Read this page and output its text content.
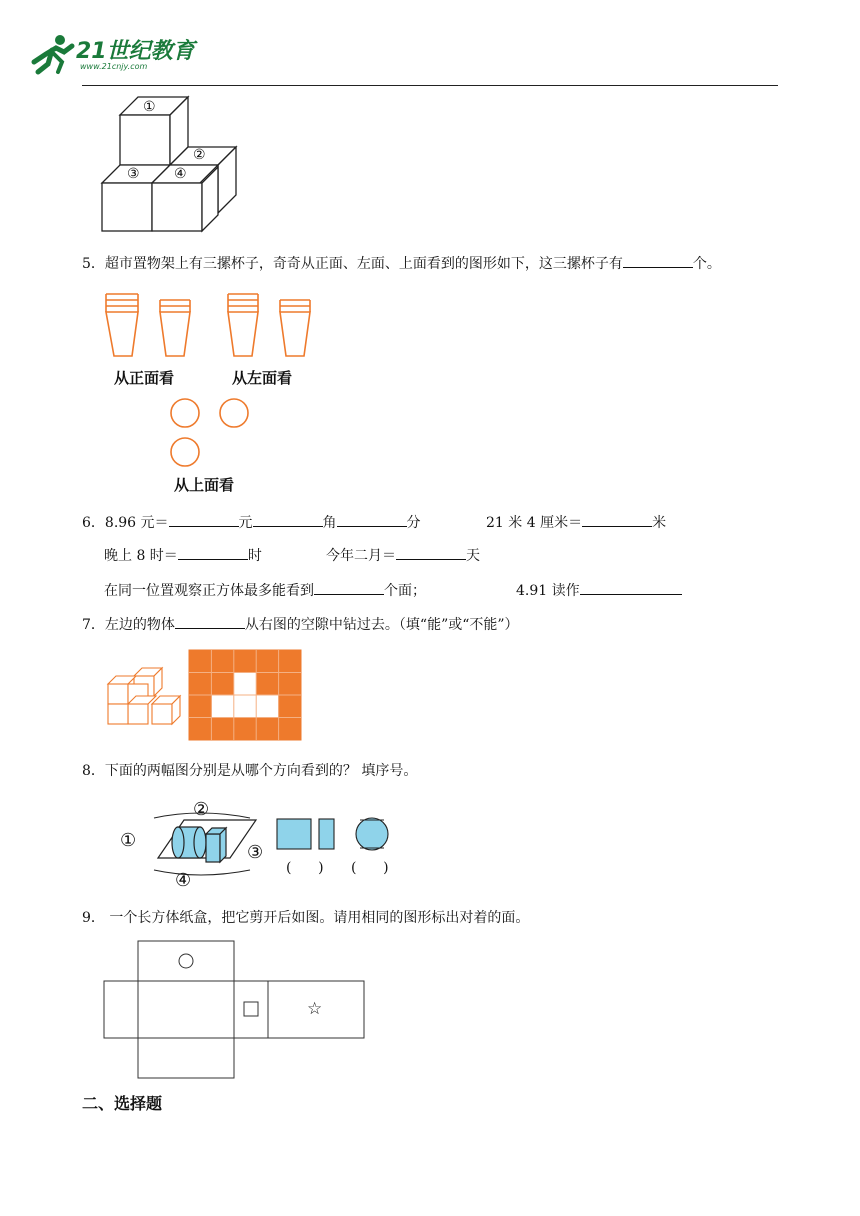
21世纪教育
www.21cnjy.com
①
②
③ ④
5．超市置物架上有三摞杯子，奇奇从正面、左面、上面看到的图形如下，这三摞杯子有	个。
从正面看	从左面看
从上面看
6．8.96 元＝	元	角	分	21 米 4 厘米＝	米
晚上 8 时＝	时	今年二月＝	天
在同一位置观察正方体最多能看到	个面；	4.91 读作
7．左边的物体	从右图的空隙中钻过去。（填“能”或“不能”）
8．下面的两幅图分别是从哪个方向看到的？ 填序号。
①
②
③
④
(      ) (      )
9． 一个长方体纸盒，把它剪开后如图。请用相同的图形标出对着的面。
☆
二、选择题
